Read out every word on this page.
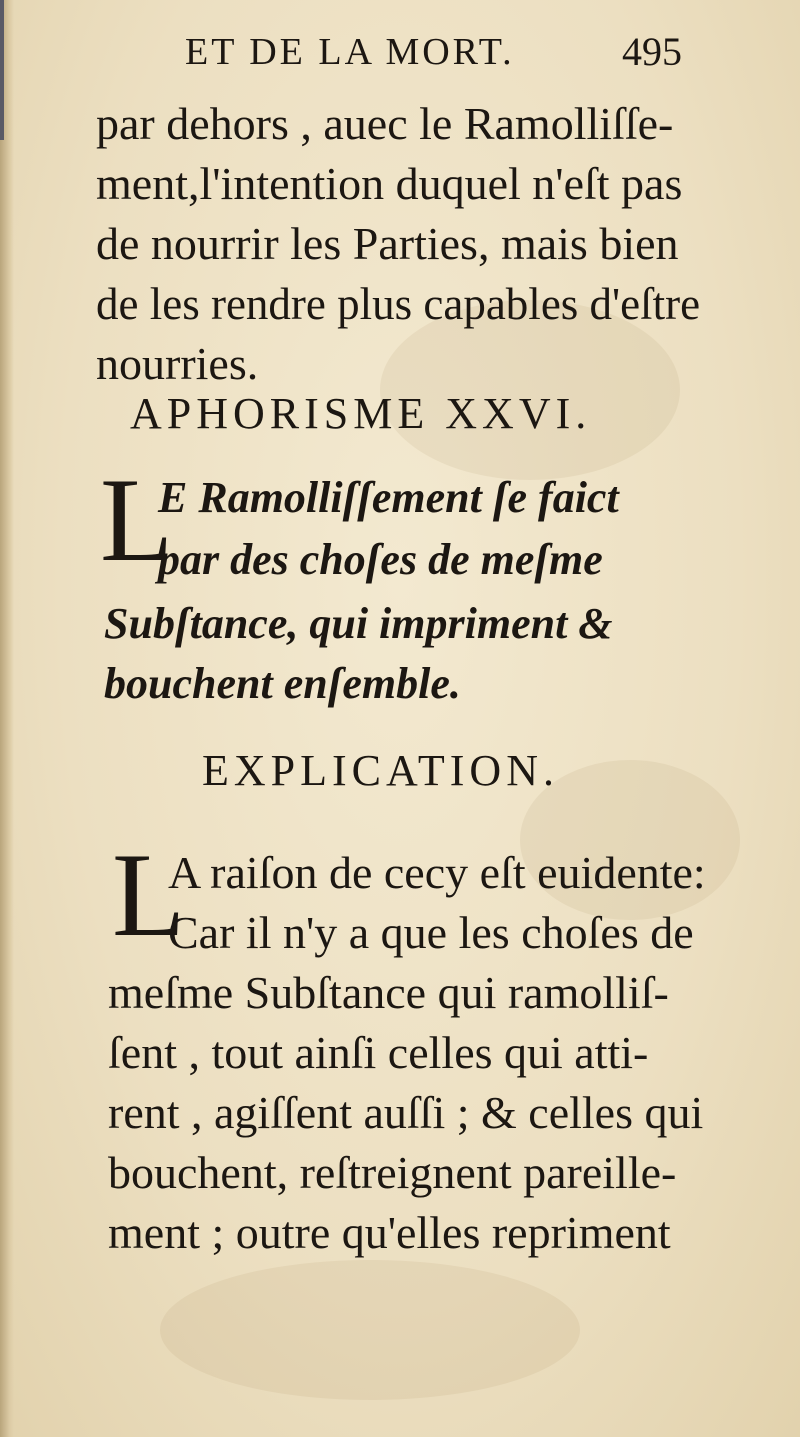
ET DE LA MORT.	495
par dehors , auec le Ramolliſſe-
ment,l'intention duquel n'eſt pas
de nourrir les Parties, mais bien
de les rendre plus capables d'eſtre
nourries.
APHORISME XXVI.
L
E Ramolliſſement ſe faict
par des choſes de meſme
Subſtance, qui impriment &
bouchent enſemble.
EXPLICATION.
L
A raiſon de cecy eſt euidente:
Car il n'y a que les choſes de
meſme Subſtance qui ramolliſ-
ſent , tout ainſi celles qui atti-
rent , agiſſent auſſi ; & celles qui
bouchent, reſtreignent pareille-
ment ; outre qu'elles repriment
